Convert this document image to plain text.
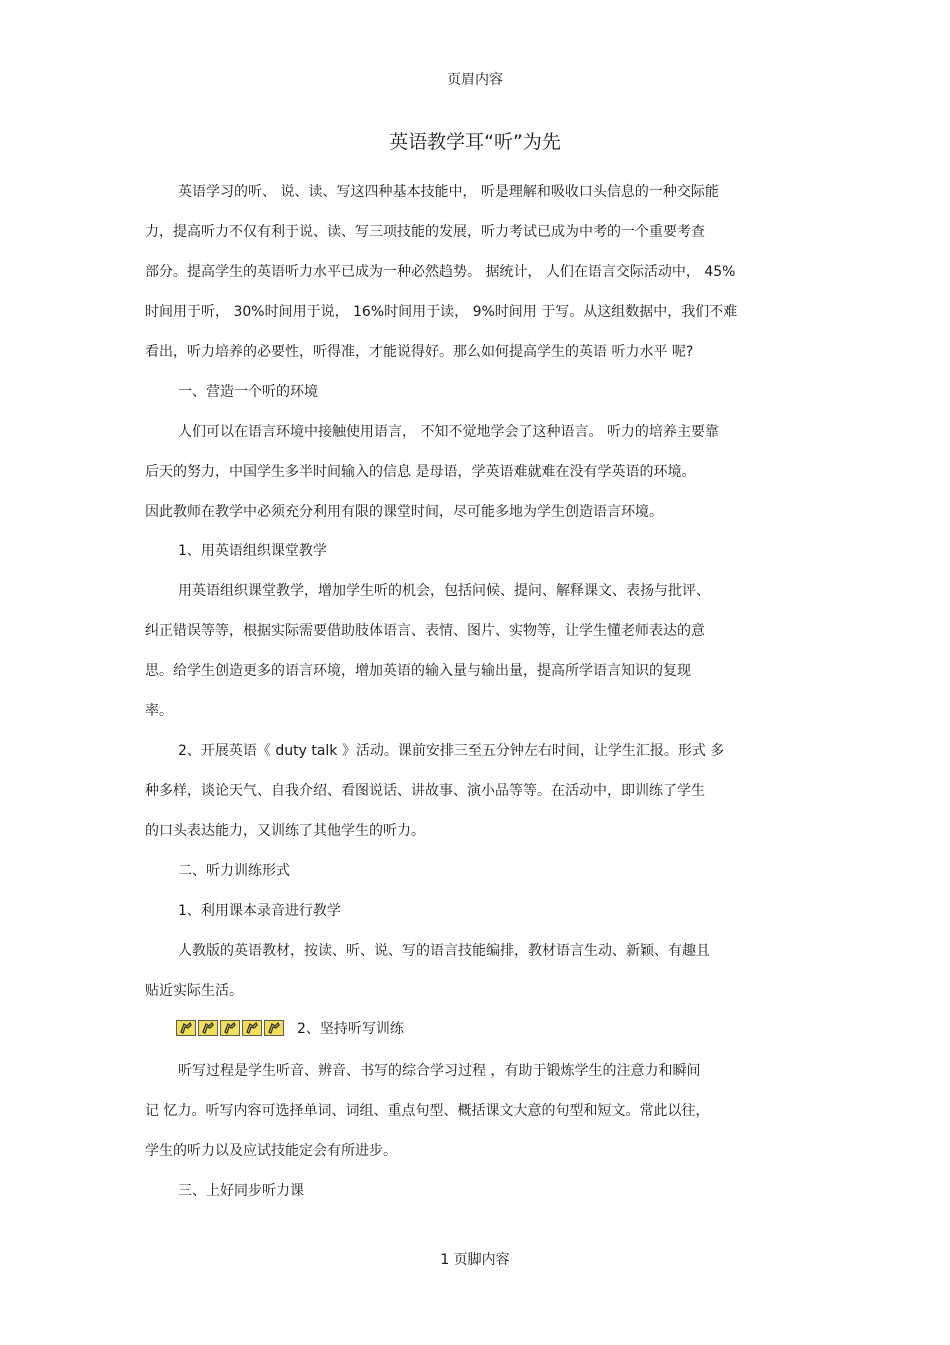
页眉内容
英语教学耳“听”为先
英语学习的听、 说、读、写这四种基本技能中， 听是理解和吸收口头信息的一种交际能
力，提高听力不仅有利于说、读、写三项技能的发展，听力考试已成为中考的一个重要考查
部分。提高学生的英语听力水平已成为一种必然趋势。 据统计， 人们在语言交际活动中， 45%
时间用于听， 30%时间用于说， 16%时间用于读， 9%时间用 于写。从这组数据中，我们不难
看出，听力培养的必要性，听得准，才能说得好。那么如何提高学生的英语 听力水平 呢?
一、营造一个听的环境
人们可以在语言环境中接触使用语言， 不知不觉地学会了这种语言。 听力的培养主要靠
后天的努力，中国学生多半时间输入的信息 是母语，学英语难就难在没有学英语的环境。
因此教师在教学中必须充分利用有限的课堂时间，尽可能多地为学生创造语言环境。
1、用英语组织课堂教学
用英语组织课堂教学，增加学生听的机会，包括问候、提问、解释课文、表扬与批评、
纠正错误等等，根据实际需要借助肢体语言、表情、图片、实物等，让学生懂老师表达的意
思。给学生创造更多的语言环境，增加英语的输入量与输出量，提高所学语言知识的复现
率。
2、开展英语《 duty talk 》活动。课前安排三至五分钟左右时间，让学生汇报。形式 多
种多样，谈论天气、自我介绍、看图说话、讲故事、演小品等等。在活动中，即训练了学生
的口头表达能力，又训练了其他学生的听力。
二、听力训练形式
1、利用课本录音进行教学
人教版的英语教材，按读、听、说、写的语言技能编排，教材语言生动、新颖、有趣且
贴近实际生活。
听写过程是学生听音、辨音、书写的综合学习过程 ，有助于锻炼学生的注意力和瞬间
记 忆力。听写内容可选择单词、词组、重点句型、概括课文大意的句型和短文。常此以往，
学生的听力以及应试技能定会有所进步。
三、上好同步听力课
2、坚持听写训练
1 页脚内容
